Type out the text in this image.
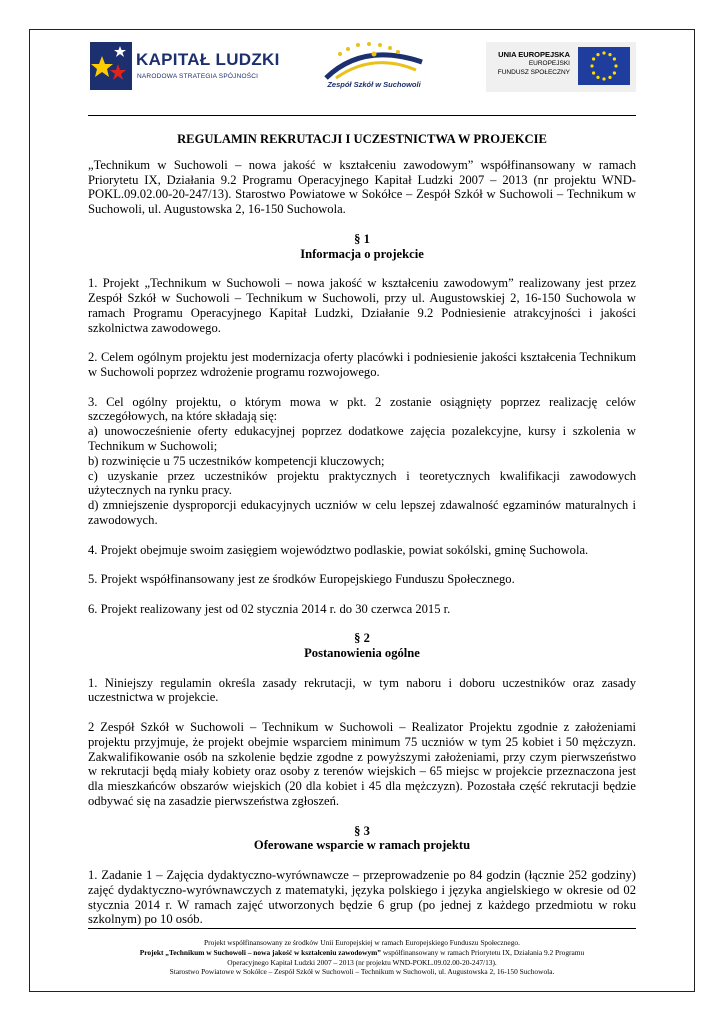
KAPITAŁ LUDZKI
NARODOWA STRATEGIA SPÓJNOŚCI
Zespół Szkół w Suchowoli
UNIA EUROPEJSKA
EUROPEJSKI
FUNDUSZ SPOŁECZNY
REGULAMIN REKRUTACJI I UCZESTNICTWA W PROJEKCIE
„Technikum w Suchowoli – nowa jakość w kształceniu zawodowym” współfinansowany w ramach Priorytetu IX, Działania 9.2 Programu Operacyjnego Kapitał Ludzki 2007 – 2013 (nr projektu WND-POKL.09.02.00-20-247/13). Starostwo Powiatowe w Sokółce – Zespół Szkół w Suchowoli – Technikum w Suchowoli, ul. Augustowska 2, 16-150 Suchowola.
§ 1
Informacja o projekcie
1. Projekt „Technikum w Suchowoli – nowa jakość w kształceniu zawodowym” realizowany jest przez Zespół Szkół w Suchowoli – Technikum w Suchowoli, przy ul. Augustowskiej 2, 16-150 Suchowola w ramach Programu Operacyjnego Kapitał Ludzki, Działanie 9.2 Podniesienie atrakcyjności i jakości szkolnictwa zawodowego.
2. Celem ogólnym projektu jest modernizacja oferty placówki i podniesienie jakości kształcenia Technikum w Suchowoli poprzez wdrożenie programu rozwojowego.
3. Cel ogólny projektu, o którym mowa w pkt. 2 zostanie osiągnięty poprzez realizację celów szczegółowych, na które składają się:
a) unowocześnienie oferty edukacyjnej poprzez dodatkowe zajęcia pozalekcyjne, kursy i szkolenia w Technikum w Suchowoli;
b) rozwinięcie u 75 uczestników kompetencji kluczowych;
c) uzyskanie przez uczestników projektu praktycznych i teoretycznych kwalifikacji zawodowych użytecznych na rynku pracy.
d) zmniejszenie dysproporcji edukacyjnych uczniów w celu lepszej zdawalność egzaminów maturalnych i zawodowych.
4. Projekt obejmuje swoim zasięgiem województwo podlaskie, powiat sokólski, gminę Suchowola.
5. Projekt współfinansowany jest ze środków Europejskiego Funduszu Społecznego.
6. Projekt realizowany jest od 02 stycznia 2014 r. do 30 czerwca 2015 r.
§ 2
Postanowienia ogólne
1. Niniejszy regulamin określa zasady rekrutacji, w tym naboru i doboru uczestników oraz zasady uczestnictwa w projekcie.
2 Zespół Szkół w Suchowoli – Technikum w Suchowoli – Realizator Projektu zgodnie z założeniami projektu przyjmuje, że projekt obejmie wsparciem minimum 75 uczniów w tym 25 kobiet i 50 mężczyzn. Zakwalifikowanie osób na szkolenie będzie zgodne z powyższymi założeniami, przy czym pierwszeństwo w rekrutacji będą miały kobiety oraz osoby z terenów wiejskich – 65 miejsc w projekcie przeznaczona jest dla mieszkańców obszarów wiejskich (20 dla kobiet i 45 dla mężczyzn). Pozostała część rekrutacji będzie odbywać się na zasadzie pierwszeństwa zgłoszeń.
§ 3
Oferowane wsparcie w ramach projektu
1. Zadanie 1 – Zajęcia dydaktyczno-wyrównawcze – przeprowadzenie po 84 godzin (łącznie 252 godziny) zajęć dydaktyczno-wyrównawczych z matematyki, języka polskiego i języka angielskiego w okresie od 02 stycznia 2014 r. W ramach zajęć utworzonych będzie 6 grup (po jednej z każdego przedmiotu w roku szkolnym) po 10 osób.
Projekt współfinansowany ze środków Unii Europejskiej w ramach Europejskiego Funduszu Społecznego.
Projekt „Technikum w Suchowoli – nowa jakość w kształceniu zawodowym” współfinansowany w ramach Priorytetu IX, Działania 9.2 Programu
Operacyjnego Kapitał Ludzki 2007 – 2013 (nr projektu WND-POKL.09.02.00-20-247/13).
Starostwo Powiatowe w Sokółce – Zespół Szkół w Suchowoli – Technikum w Suchowoli, ul. Augustowska 2, 16-150 Suchowola.
